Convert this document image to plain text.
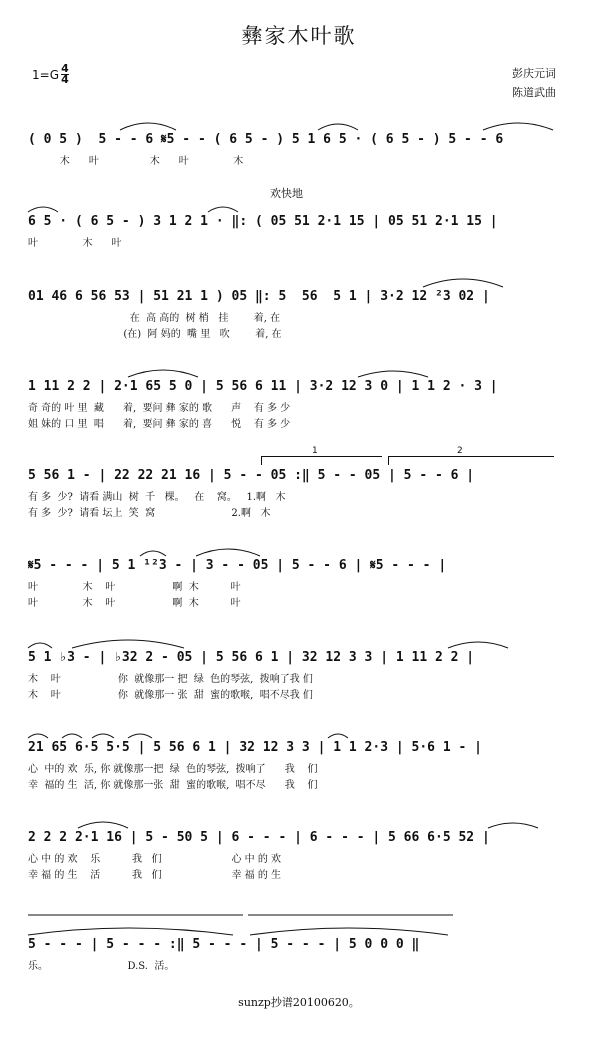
彝家木叶歌
1=G 4
4	彭庆元词
陈道武曲
欢快地
( 0 5 )  5 - - 6 𝄋5 - - ( 6 5 - ) 5 1 6 5 · ( 6 5 - ) 5 - - 6
木      叶                木      叶              木
6 5 · ( 6 5 - ) 3 1 2 1 · ‖: ( 05 51 2·1 15 | 05 51 2·1 15 |
叶              木      叶
01 46 6 56 53 | 51 21 1 ) 05 ‖: 5  56  5 1 | 3·2 12 ²3 02 |
在  高 高的  树 梢   挂        着, 在
(在)  阿 妈的  嘴 里   吹        着, 在
1 11 2 2 | 2·1 65 5 0 | 5 56 6 11 | 3·2 12 3 0 | 1 1 2 · 3 |
奇 奇的 叶 里  藏      着,  要问 彝 家的 歌      声    有 多 少
姐 妹的 口 里  唱      着,  要问 彝 家的 喜      悦    有 多 少
1	2
5 56 1 - | 22 22 21 16 | 5 - - 05 :‖ 5 - - 05 | 5 - - 6 |
有 多  少?  请看 满山  树  千   棵。   在    窝。   1.啊   木
有 多  少?  请看 坛上  笑  窝                        2.啊   木
𝄋5 - - - | 5 1 ¹²3 - | 3 - - 05 | 5 - - 6 | 𝄋5 - - - |
叶              木    叶                  啊  木          叶
叶              木    叶                  啊  木          叶
5 1 ♭3 - | ♭32 2 - 05 | 5 56 6 1 | 32 12 3 3 | 1 11 2 2 |
木    叶                  你  就像那一 把  绿  色的琴弦,  拨响了我 们
木    叶                  你  就像那一 张  甜  蜜的歌喉,  唱不尽我 们
21 65 6·5 5·5 | 5 56 6 1 | 32 12 3 3 | 1 1 2·3 | 5·6 1 - |
心  中的 欢  乐, 你 就像那一把  绿  色的琴弦,  拨响了      我    们
幸  福的 生  活, 你 就像那一张  甜  蜜的歌喉,  唱不尽      我    们
2 2 2 2·1 16 | 5 - 50 5 | 6 - - - | 6 - - - | 5 66 6·5 52 |
心 中 的 欢    乐          我   们                      心 中 的 欢
幸 福 的 生    活          我   们                      幸 福 的 生
5 - - - | 5 - - - :‖ 5 - - - | 5 - - - | 5 0 0 0 ‖
乐。                         D.S.  活。
sunzp抄谱20100620。
